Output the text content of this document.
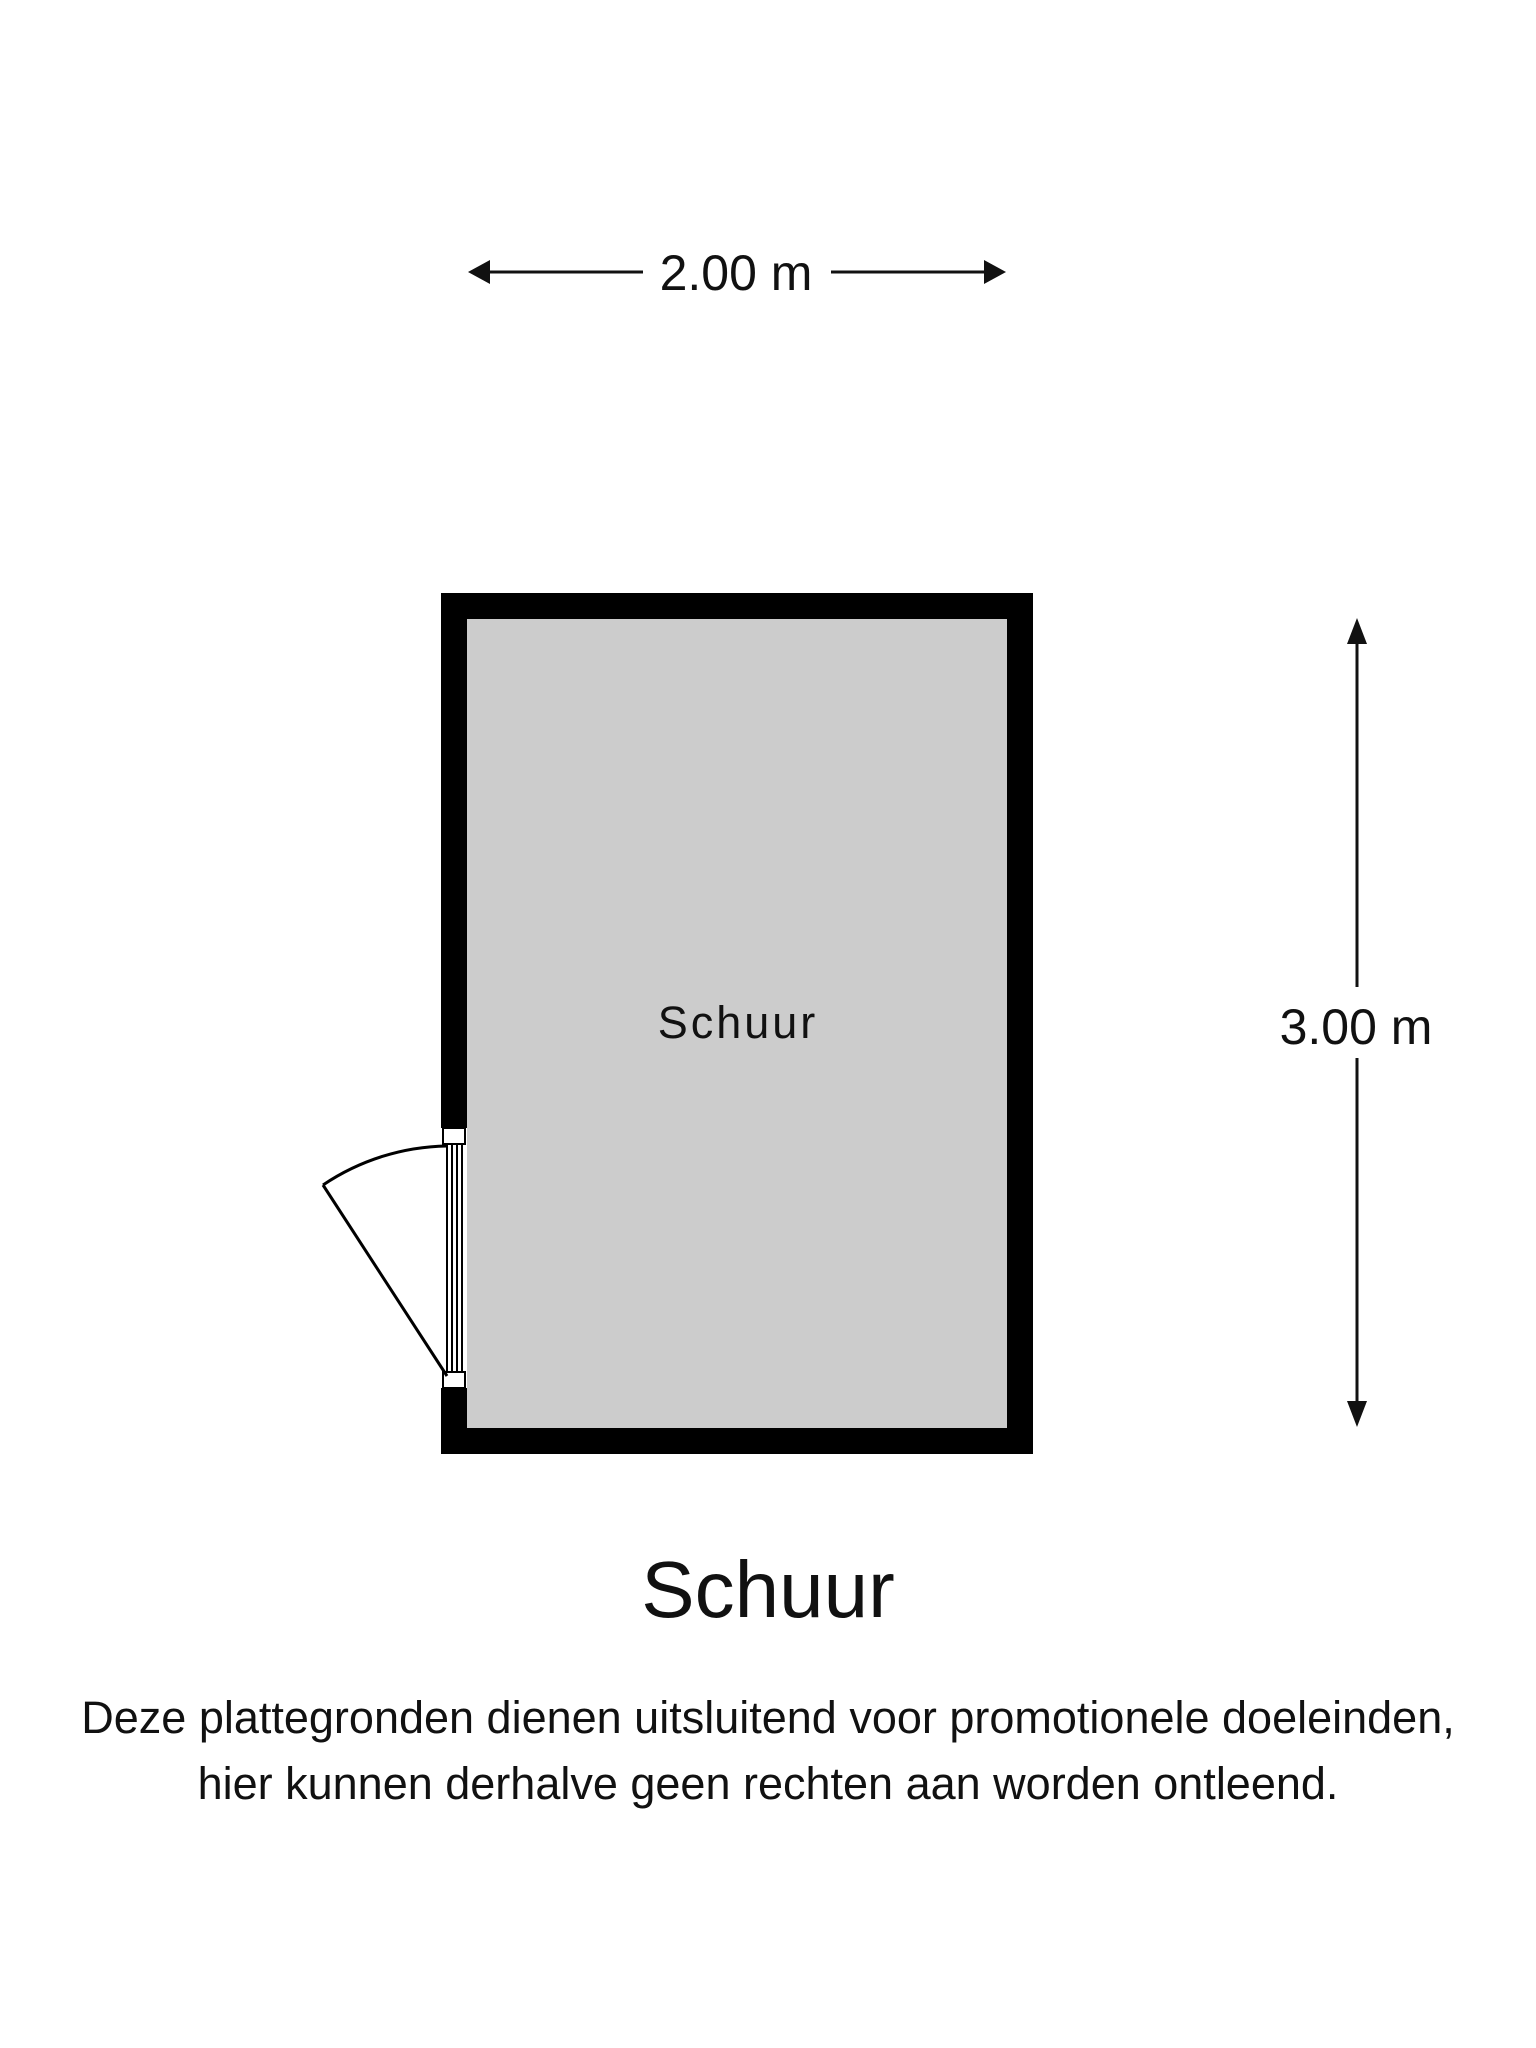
2.00 m
3.00 m
Schuur
Schuur

Deze plattegronden dienen uitsluitend voor promotionele doeleinden,
hier kunnen derhalve geen rechten aan worden ontleend.
